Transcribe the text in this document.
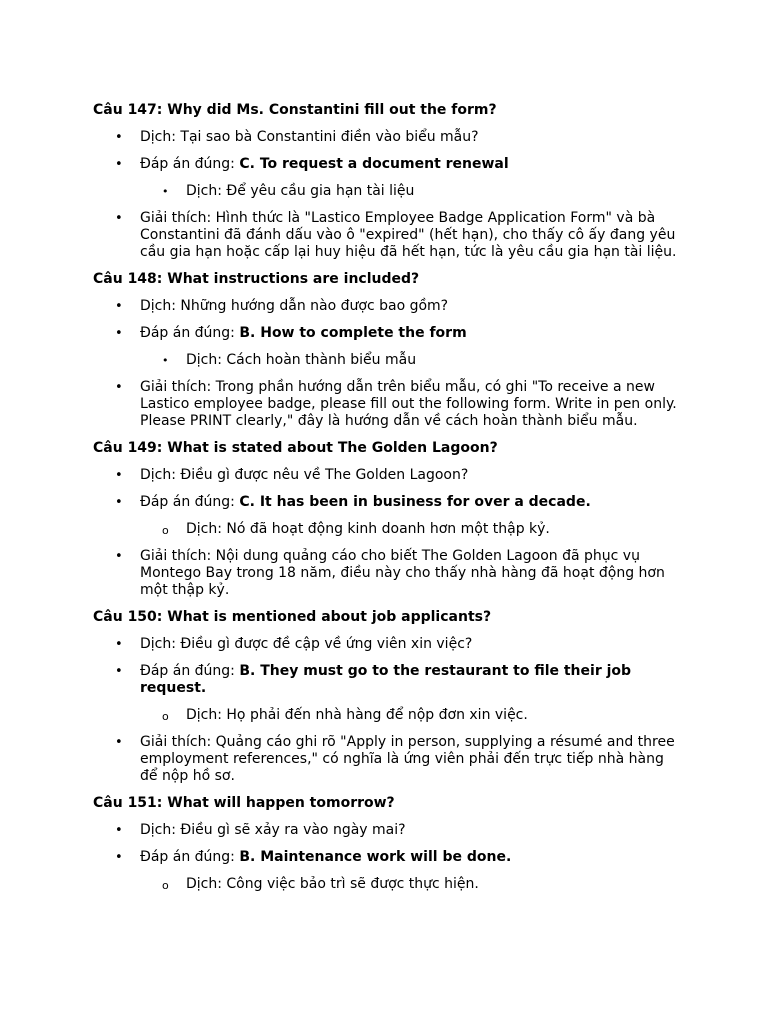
Câu 147: Why did Ms. Constantini fill out the form?
• Dịch: Tại sao bà Constantini điền vào biểu mẫu?
• Đáp án đúng: C. To request a document renewal
• Dịch: Để yêu cầu gia hạn tài liệu
• Giải thích: Hình thức là "Lastico Employee Badge Application Form" và bà Constantini đã đánh dấu vào ô "expired" (hết hạn), cho thấy cô ấy đang yêu cầu gia hạn hoặc cấp lại huy hiệu đã hết hạn, tức là yêu cầu gia hạn tài liệu.
Câu 148: What instructions are included?
• Dịch: Những hướng dẫn nào được bao gồm?
• Đáp án đúng: B. How to complete the form
• Dịch: Cách hoàn thành biểu mẫu
• Giải thích: Trong phần hướng dẫn trên biểu mẫu, có ghi "To receive a new Lastico employee badge, please fill out the following form. Write in pen only. Please PRINT clearly," đây là hướng dẫn về cách hoàn thành biểu mẫu.
Câu 149: What is stated about The Golden Lagoon?
• Dịch: Điều gì được nêu về The Golden Lagoon?
• Đáp án đúng: C. It has been in business for over a decade.
o Dịch: Nó đã hoạt động kinh doanh hơn một thập kỷ.
• Giải thích: Nội dung quảng cáo cho biết The Golden Lagoon đã phục vụ Montego Bay trong 18 năm, điều này cho thấy nhà hàng đã hoạt động hơn một thập kỷ.
Câu 150: What is mentioned about job applicants?
• Dịch: Điều gì được đề cập về ứng viên xin việc?
• Đáp án đúng: B. They must go to the restaurant to file their job request.
o Dịch: Họ phải đến nhà hàng để nộp đơn xin việc.
• Giải thích: Quảng cáo ghi rõ "Apply in person, supplying a résumé and three employment references," có nghĩa là ứng viên phải đến trực tiếp nhà hàng để nộp hồ sơ.
Câu 151: What will happen tomorrow?
• Dịch: Điều gì sẽ xảy ra vào ngày mai?
• Đáp án đúng: B. Maintenance work will be done.
o Dịch: Công việc bảo trì sẽ được thực hiện.
